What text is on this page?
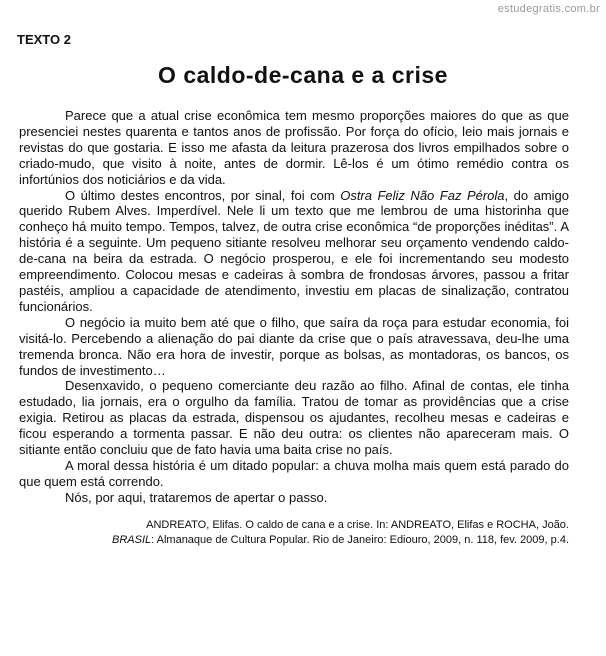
estudegratis.com.br
TEXTO 2
O caldo-de-cana e a crise

Parece que a atual crise econômica tem mesmo proporções maiores do que as que presenciei nestes quarenta e tantos anos de profissão. Por força do ofício, leio mais jornais e revistas do que gostaria. E isso me afasta da leitura prazerosa dos livros empilhados sobre o criado-mudo, que visito à noite, antes de dormir. Lê-los é um ótimo remédio contra os infortúnios dos noticiários e da vida.

O último destes encontros, por sinal, foi com Ostra Feliz Não Faz Pérola, do amigo querido Rubem Alves. Imperdível. Nele li um texto que me lembrou de uma historinha que conheço há muito tempo. Tempos, talvez, de outra crise econômica “de proporções inéditas”. A história é a seguinte. Um pequeno sitiante resolveu melhorar seu orçamento vendendo caldo-de-cana na beira da estrada. O negócio prosperou, e ele foi incrementando seu modesto empreendimento. Colocou mesas e cadeiras à sombra de frondosas árvores, passou a fritar pastéis, ampliou a capacidade de atendimento, investiu em placas de sinalização, contratou funcionários.

O negócio ia muito bem até que o filho, que saíra da roça para estudar economia, foi visitá-lo. Percebendo a alienação do pai diante da crise que o país atravessava, deu-lhe uma tremenda bronca. Não era hora de investir, porque as bolsas, as montadoras, os bancos, os fundos de investimento…

Desenxavido, o pequeno comerciante deu razão ao filho. Afinal de contas, ele tinha estudado, lia jornais, era o orgulho da família. Tratou de tomar as providências que a crise exigia. Retirou as placas da estrada, dispensou os ajudantes, recolheu mesas e cadeiras e ficou esperando a tormenta passar. E não deu outra: os clientes não apareceram mais. O sitiante então concluiu que de fato havia uma baita crise no país.

A moral dessa história é um ditado popular: a chuva molha mais quem está parado do que quem está correndo.

Nós, por aqui, trataremos de apertar o passo.

ANDREATO, Elifas. O caldo de cana e a crise. In: ANDREATO, Elifas e ROCHA, João.
BRASIL: Almanaque de Cultura Popular. Rio de Janeiro: Ediouro, 2009, n. 118, fev. 2009, p.4.
